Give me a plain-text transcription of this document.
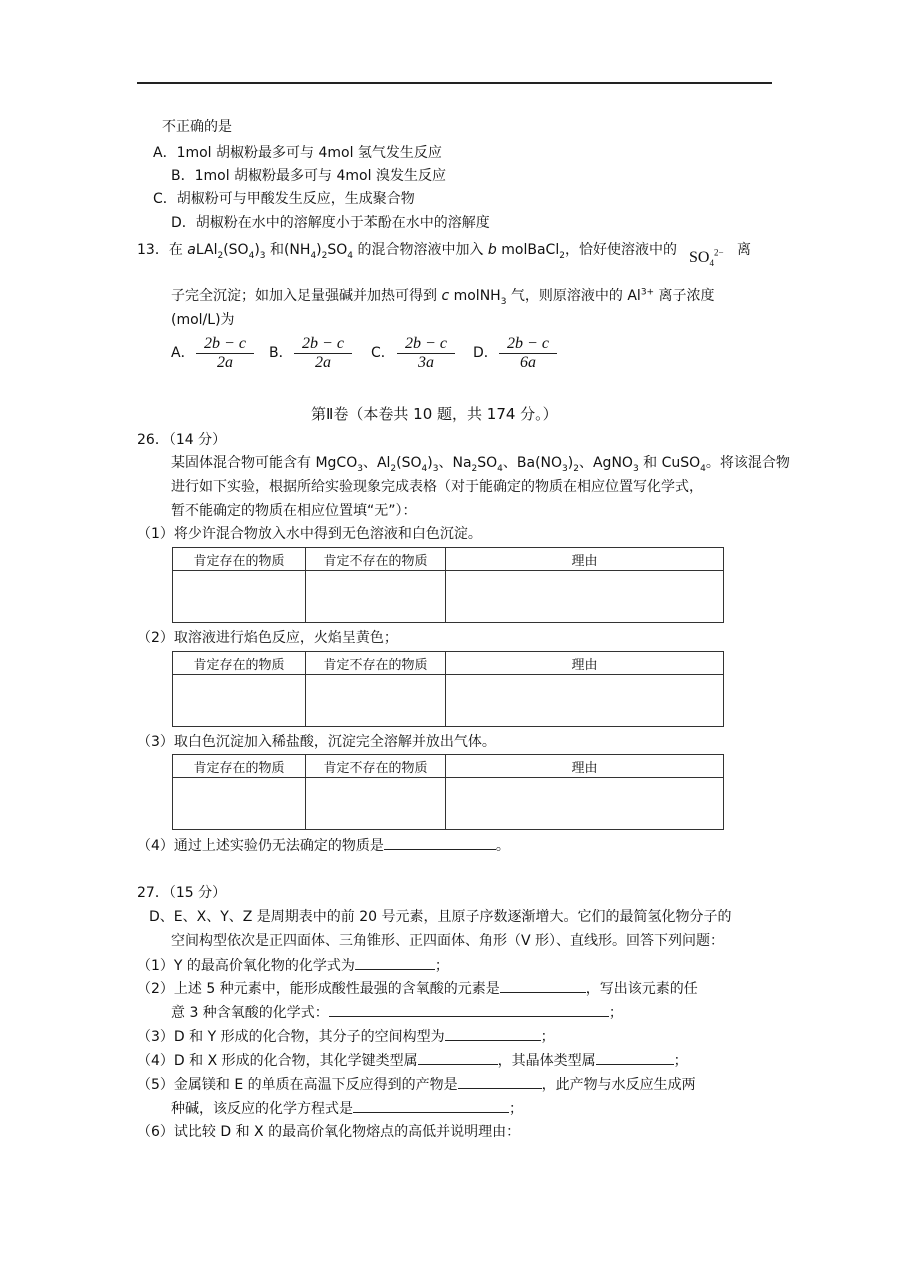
不正确的是
A．1mol 胡椒粉最多可与 4mol 氢气发生反应
B．1mol 胡椒粉最多可与 4mol 溴发生反应
C．胡椒粉可与甲酸发生反应，生成聚合物
D．胡椒粉在水中的溶解度小于苯酚在水中的溶解度
13．在 $aLAl_2(SO_4)_3$ 和$(NH_4)_2SO_4$ 的混合物溶液中加入 b molBaCl$_2$，恰好使溶液中的 $SO_4^{2-}$ 离
子完全沉淀；如加入足量强碱并加热可得到 c molNH$_3$ 气，则原溶液中的 $Al^{3+}$ 离子浓度
(mol/L)为
A． $\frac{2b - c}{2a}$ B． $\frac{2b - c}{2a}$ C． $\frac{2b - c}{3a}$ D． $\frac{2b - c}{6a}$
第Ⅱ卷（本卷共 10 题，共 174 分。）
26．（14 分）
某固体混合物可能含有 MgCO$_3$、$Al_2(SO_4)_3$、$Na_2SO_4$、$Ba(NO_3)_2$、AgNO$_3$ 和 CuSO$_4$。将该混合物
进行如下实验，根据所给实验现象完成表格（对于能确定的物质在相应位置写化学式，
暂不能确定的物质在相应位置填“无”）：
（1）将少许混合物放入水中得到无色溶液和白色沉淀。
肯定存在的物质	肯定不存在的物质	理由

（2）取溶液进行焰色反应，火焰呈黄色；
肯定存在的物质	肯定不存在的物质	理由

（3）取白色沉淀加入稀盐酸，沉淀完全溶解并放出气体。
肯定存在的物质	肯定不存在的物质	理由

（4）通过上述实验仍无法确定的物质是	。
27．（15 分）
D、E、X、Y、Z 是周期表中的前 20 号元素，且原子序数逐渐增大。它们的最简氢化物分子的
空间构型依次是正四面体、三角锥形、正四面体、角形（V 形）、直线形。回答下列问题：
（1）Y 的最高价氧化物的化学式为	；
（2）上述 5 种元素中，能形成酸性最强的含氧酸的元素是	，写出该元素的任
意 3 种含氧酸的化学式：	；
（3）D 和 Y 形成的化合物，其分子的空间构型为	；
（4）D 和 X 形成的化合物，其化学键类型属	，其晶体类型属	；
（5）金属镁和 E 的单质在高温下反应得到的产物是	，此产物与水反应生成两
种碱，该反应的化学方程式是	；
（6）试比较 D 和 X 的最高价氧化物熔点的高低并说明理由：
